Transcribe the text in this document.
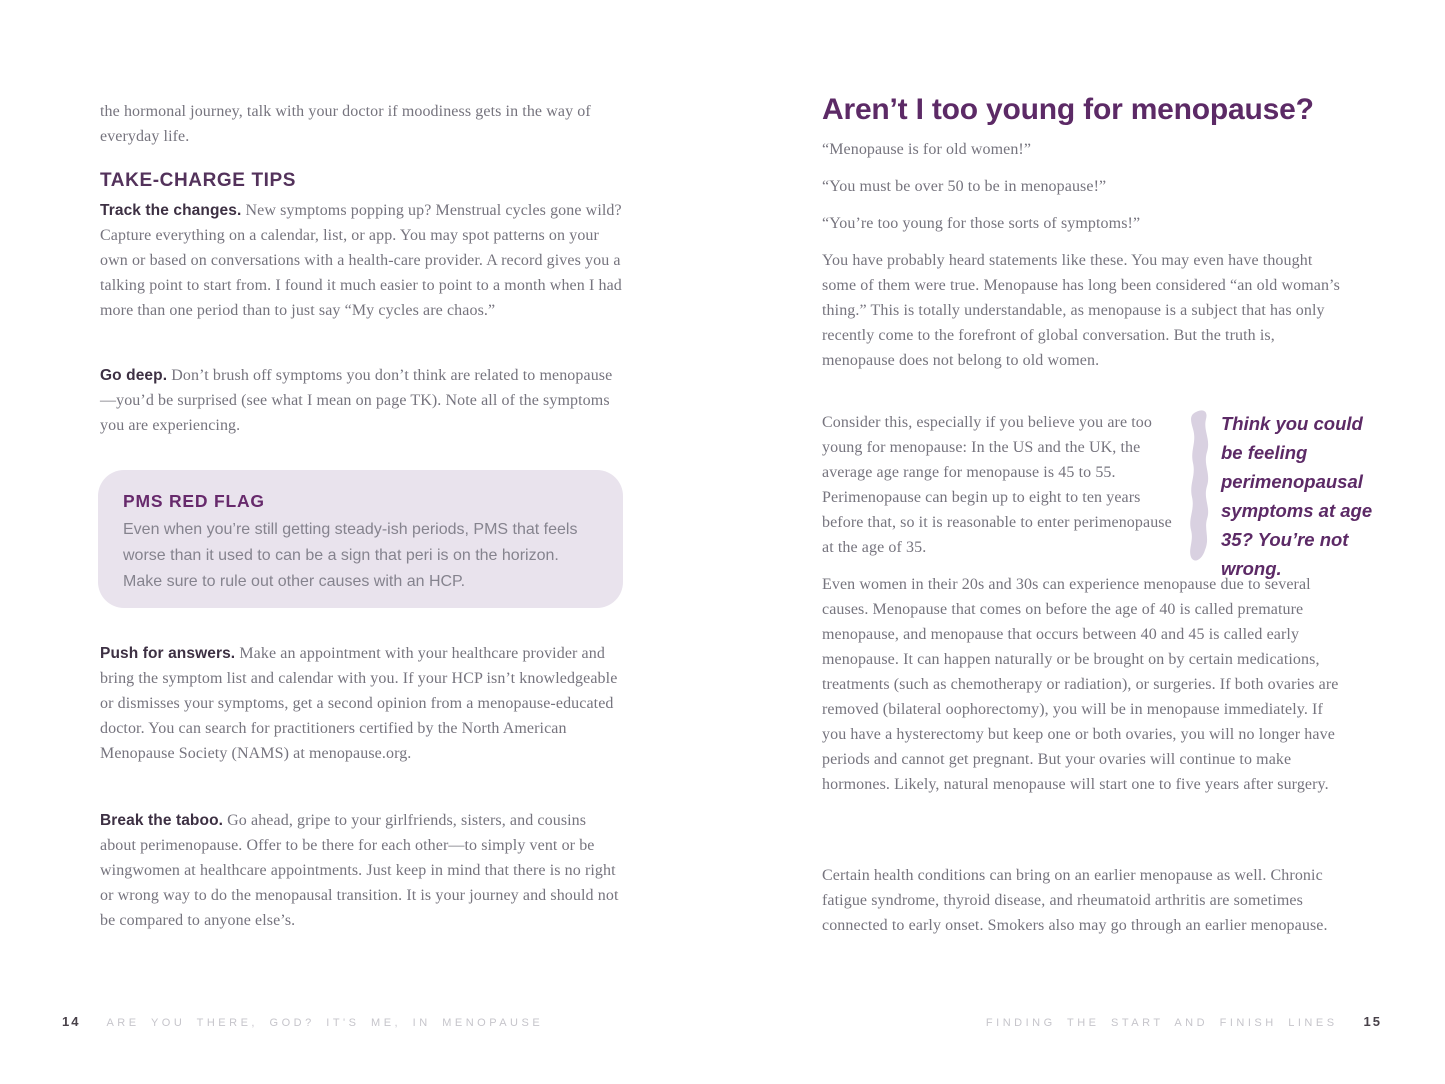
the hormonal journey, talk with your doctor if moodiness gets in the way of everyday life.

TAKE-CHARGE TIPS

Track the changes. New symptoms popping up? Menstrual cycles gone wild? Capture everything on a calendar, list, or app. You may spot patterns on your own or based on conversations with a health-care provider. A record gives you a talking point to start from. I found it much easier to point to a month when I had more than one period than to just say “My cycles are chaos.”

Go deep. Don’t brush off symptoms you don’t think are related to menopause—you’d be surprised (see what I mean on page TK). Note all of the symptoms you are experiencing.

PMS RED FLAG

Even when you’re still getting steady-ish periods, PMS that feels worse than it used to can be a sign that peri is on the horizon. Make sure to rule out other causes with an HCP.

Push for answers. Make an appointment with your healthcare provider and bring the symptom list and calendar with you. If your HCP isn’t knowledgeable or dismisses your symptoms, get a second opinion from a menopause-educated doctor. You can search for practitioners certified by the North American Menopause Society (NAMS) at menopause.org.

Break the taboo. Go ahead, gripe to your girlfriends, sisters, and cousins about perimenopause. Offer to be there for each other—to simply vent or be wingwomen at healthcare appointments. Just keep in mind that there is no right or wrong way to do the menopausal transition. It is your journey and should not be compared to anyone else’s.

14 ARE YOU THERE, GOD? IT'S ME, IN MENOPAUSE
Aren’t I too young for menopause?

“Menopause is for old women!”

“You must be over 50 to be in menopause!”

“You’re too young for those sorts of symptoms!”

You have probably heard statements like these. You may even have thought some of them were true. Menopause has long been considered “an old woman’s thing.” This is totally understandable, as menopause is a subject that has only recently come to the forefront of global conversation. But the truth is, menopause does not belong to old women.

Consider this, especially if you believe you are too young for menopause: In the US and the UK, the average age range for menopause is 45 to 55. Perimenopause can begin up to eight to ten years before that, so it is reasonable to enter perimenopause at the age of 35.

Think you could be feeling perimenopausal symptoms at age 35? You’re not wrong.

Even women in their 20s and 30s can experience menopause due to several causes. Menopause that comes on before the age of 40 is called premature menopause, and menopause that occurs between 40 and 45 is called early menopause. It can happen naturally or be brought on by certain medications, treatments (such as chemotherapy or radiation), or surgeries. If both ovaries are removed (bilateral oophorectomy), you will be in menopause immediately. If you have a hysterectomy but keep one or both ovaries, you will no longer have periods and cannot get pregnant. But your ovaries will continue to make hormones. Likely, natural menopause will start one to five years after surgery.

Certain health conditions can bring on an earlier menopause as well. Chronic fatigue syndrome, thyroid disease, and rheumatoid arthritis are sometimes connected to early onset. Smokers also may go through an earlier menopause.

FINDING THE START AND FINISH LINES 15
